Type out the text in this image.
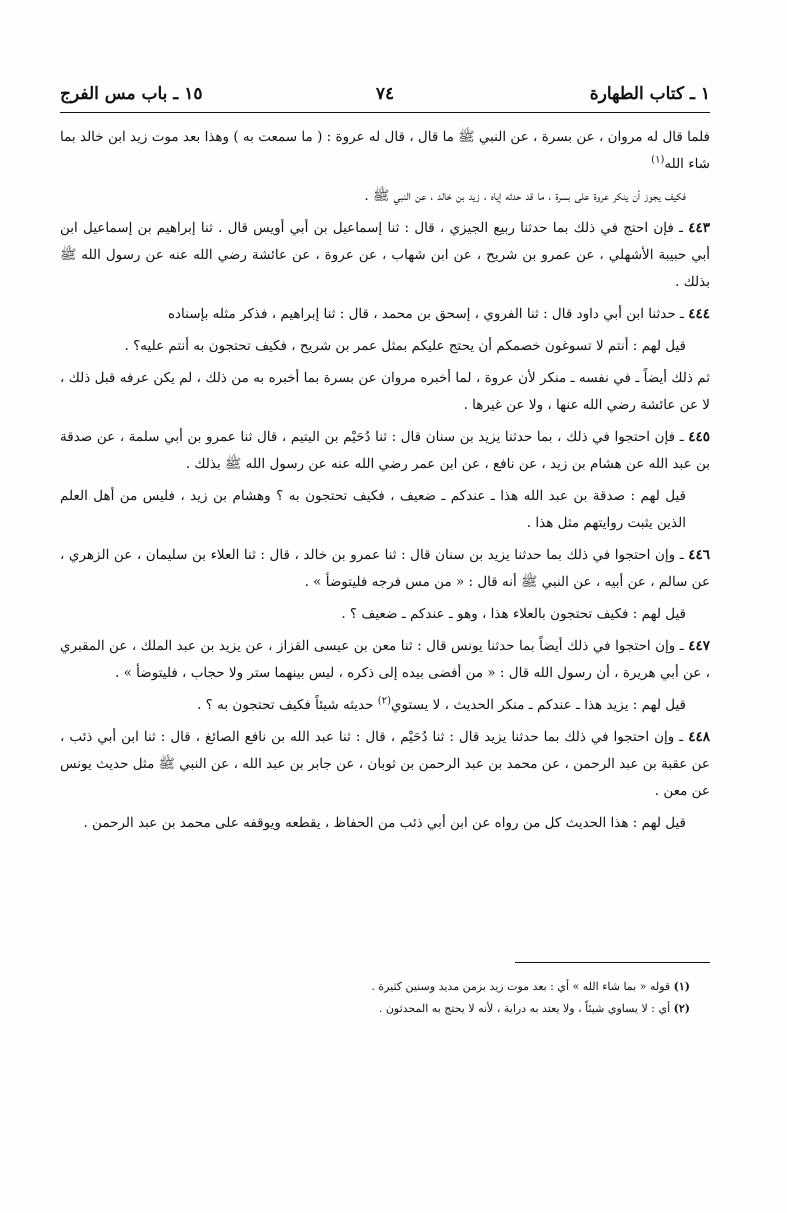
١ ـ كتاب الطهارة
٧٤
١٥ ـ باب مس الفرج

فلما قال له مروان ، عن بسرة ، عن النبي ﷺ ما قال ، قال له عروة : ( ما سمعت به ) وهذا بعد موت زيد ابن خالد بما شاء الله$^{(١)}$

فكيف يجوز أن ينكر عروة على بسرة ، ما قد حدثه إياه ، زيد بن خالد ، عن النبي ﷺ .

٤٤٣ ـ فإن احتج في ذلك بما حدثنا ربيع الجيزي ، قال : ثنا إسماعيل بن أبي أويس قال . ثنا إبراهيم بن إسماعيل ابن أبي حبيبة الأشهلي ، عن عمرو بن شريح ، عن ابن شهاب ، عن عروة ، عن عائشة رضي الله عنه عن رسول الله ﷺ بذلك .

٤٤٤ ـ حدثنا ابن أبي داود قال : ثنا الفروي ، إسحق بن محمد ، قال : ثنا إبراهيم ، فذكر مثله بإسناده

قيل لهم : أنتم لا تسوغون خصمكم أن يحتج عليكم بمثل عمر بن شريح ، فكيف تحتجون به أنتم عليه؟ .

ثم ذلك أيضاً ـ في نفسه ـ منكر لأن عروة ، لما أخبره مروان عن بسرة بما أخبره به من ذلك ، لم يكن عرفه قبل ذلك ، لا عن عائشة رضي الله عنها ، ولا عن غيرها .

٤٤٥ ـ فإن احتجوا في ذلك ، بما حدثنا يزيد بن سنان قال : ثنا دُحَيْم بن اليتيم ، قال ثنا عمرو بن أبي سلمة ، عن صدقة بن عبد الله عن هشام بن زيد ، عن نافع ، عن ابن عمر رضي الله عنه عن رسول الله ﷺ بذلك .

قيل لهم : صدقة بن عبد الله هذا ـ عندكم ـ ضعيف ، فكيف تحتجون به ؟ وهشام بن زيد ، فليس من أهل العلم الذين يثبت روايتهم مثل هذا .

٤٤٦ ـ وإن احتجوا في ذلك بما حدثنا يزيد بن سنان قال : ثنا عمرو بن خالد ، قال : ثنا العلاء بن سليمان ، عن الزهري ، عن سالم ، عن أبيه ، عن النبي ﷺ أنه قال : « من مس فرجه فليتوضأ » .

قيل لهم : فكيف تحتجون بالعلاء هذا ، وهو ـ عندكم ـ ضعيف ؟ .

٤٤٧ ـ وإن احتجوا في ذلك أيضاً بما حدثنا يونس قال : ثنا معن بن عيسى القزاز ، عن يزيد بن عبد الملك ، عن المقبري ، عن أبي هريرة ، أن رسول الله قال : « من أفضى بيده إلى ذكره ، ليس بينهما ستر ولا حجاب ، فليتوضأ » .

قيل لهم : يزيد هذا ـ عندكم ـ منكر الحديث ، لا يستوي$^{(٢)}$ حديثه شيئاً فكيف تحتجون به ؟ .

٤٤٨ ـ وإن احتجوا في ذلك بما حدثنا يزيد قال : ثنا دُحَيْم ، قال : ثنا عبد الله بن نافع الصائغ ، قال : ثنا ابن أبي ذئب ، عن عقبة بن عبد الرحمن ، عن محمد بن عبد الرحمن بن ثوبان ، عن جابر بن عبد الله ، عن النبي ﷺ مثل حديث يونس عن معن .

قيل لهم : هذا الحديث كل من رواه عن ابن أبي ذئب من الحفاظ ، يقطعه ويوقفه على محمد بن عبد الرحمن .

(١) قوله « بما شاء الله » أي : بعد موت زيد بزمن مديد وسنين كثيرة .

(٢) أي : لا يساوي شيئاً ، ولا يعتد به دراية ، لأنه لا يحتج به المحدثون .
